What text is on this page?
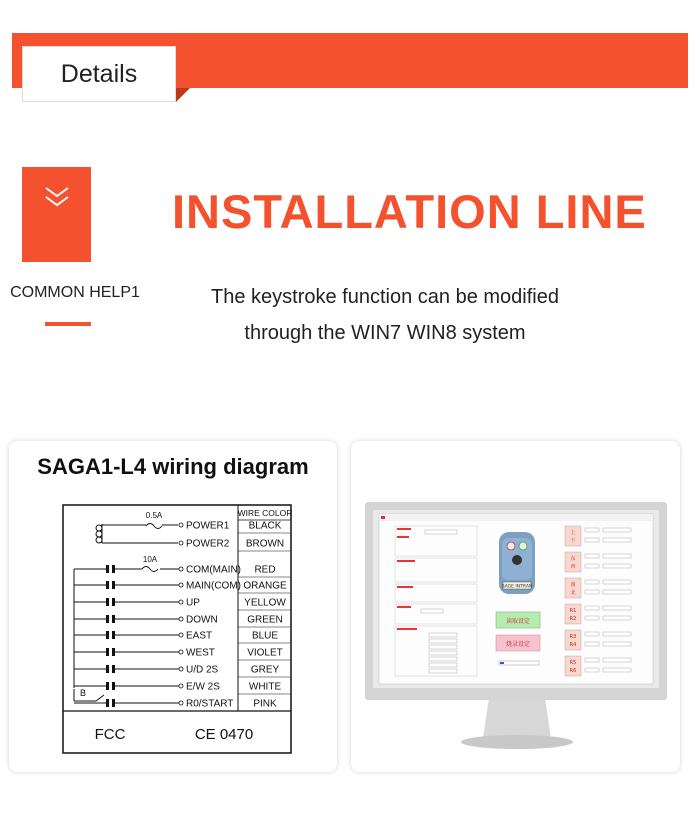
Details
COMMON HELP1
INSTALLATION LINE
The keystroke function can be modified
through the WIN7 WIN8 system
SAGA1-L4 wiring diagram
WIRE COLOR
0.5A
10A
POWER1 BLACK
POWER2 BROWN
COM(MAIN) RED
MAIN(COM) ORANGE
UP	YELLOW
DOWN	GREEN
EAST	BLUE
WEST	VIOLET
U/D 2S	GREY
E/W 2S	WHITE
R0/START PINK
B
FCC	CE 0470
SAGE INTRAN
读取设定
烧录设定
上
下
东
西
南
北
R1
R2
R3
R4
R5
R6
